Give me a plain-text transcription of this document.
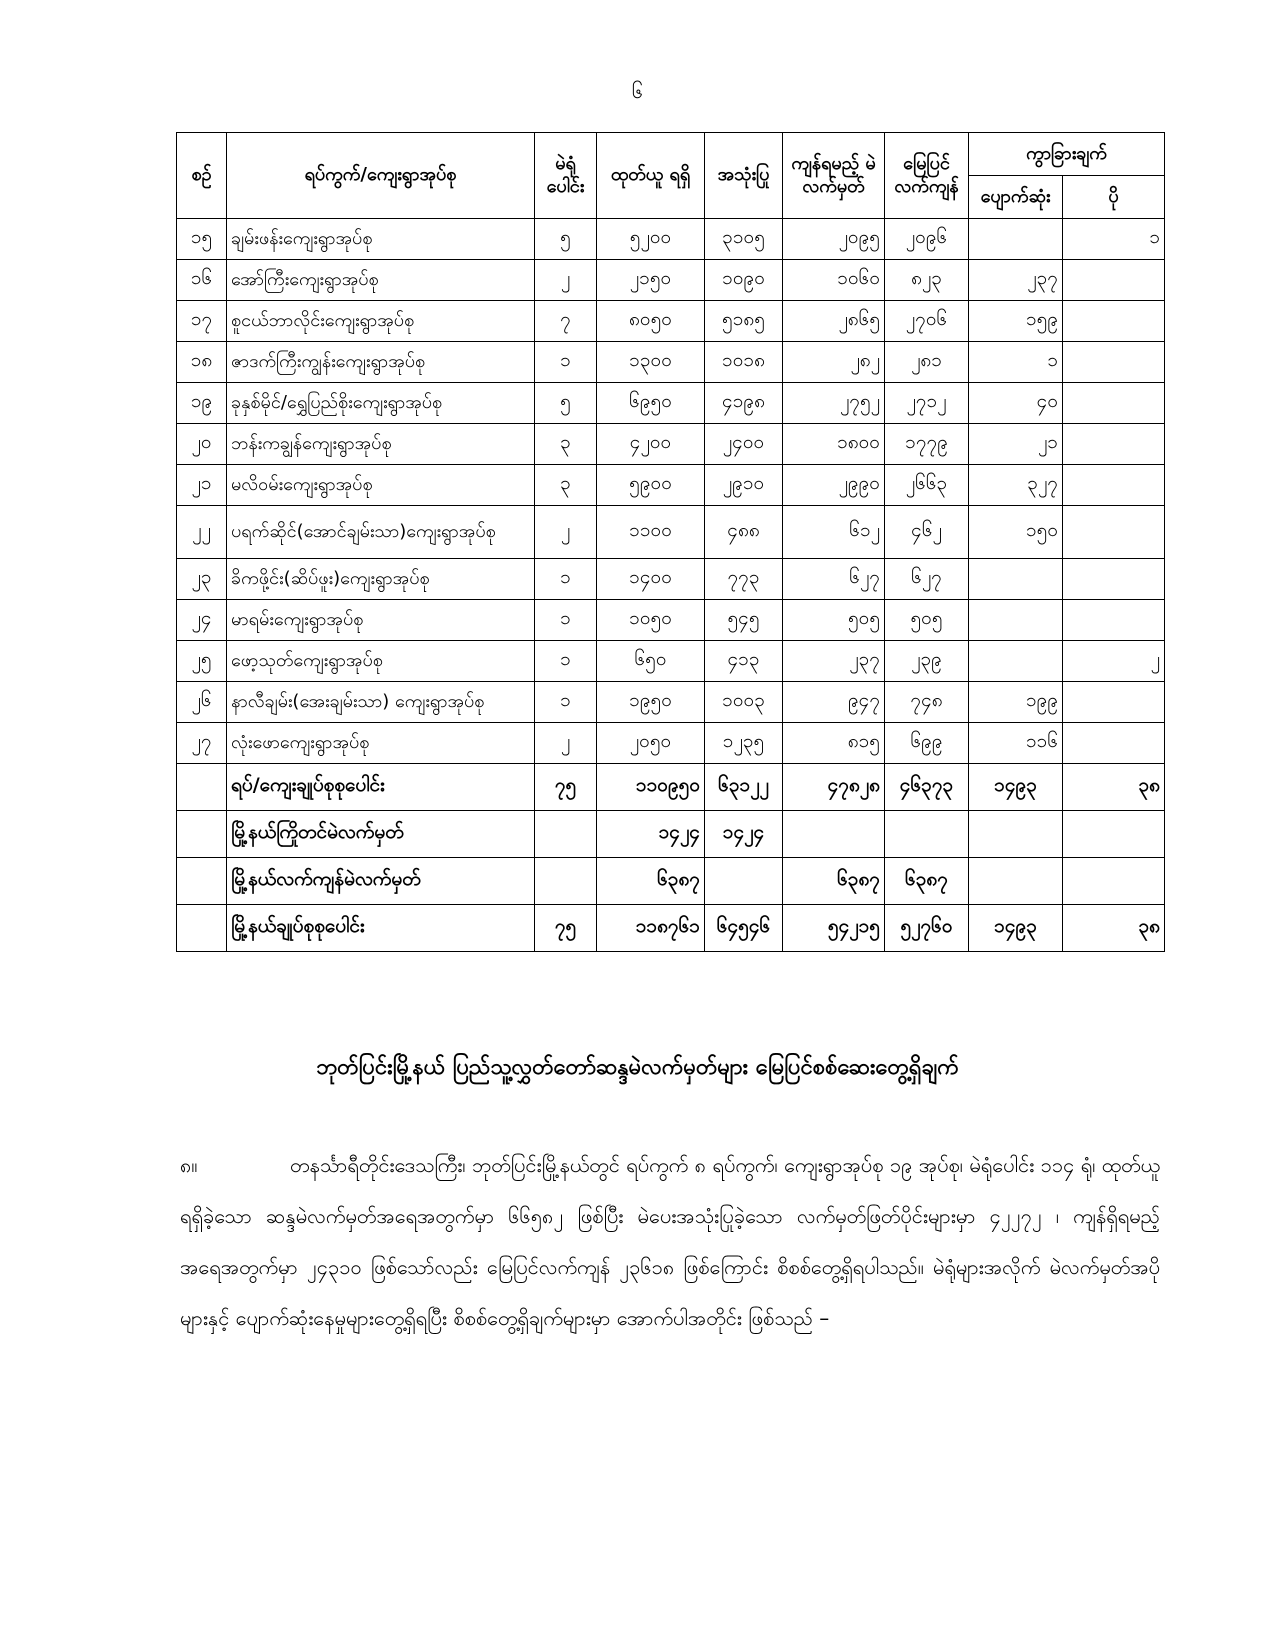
၆
စဉ်	ရပ်ကွက်/ကျေးရွာအုပ်စု	မဲရုံ ပေါင်း	ထုတ်ယူ ရရှိ	အသုံးပြု	ကျန်ရမည့် မဲလက်မှတ်	မြေပြင် လက်ကျန်	ကွာခြားချက်	
							ပျောက်ဆုံး	ပို
၁၅	ချမ်းဖန်းကျေးရွာအုပ်စု	၅	၅၂၀၀	၃၁၀၅	၂၀၉၅	၂၀၉၆		၁
၁၆	အော်ကြီးကျေးရွာအုပ်စု	၂	၂၁၅၀	၁၀၉၀	၁၀၆၀	၈၂၃	၂၃၇	
၁၇	စူငယ်ဘာလိုင်းကျေးရွာအုပ်စု	၇	၈၀၅၀	၅၁၈၅	၂၈၆၅	၂၇၀၆	၁၅၉	
၁၈	ဇာဒက်ကြီးကျွန်းကျေးရွာအုပ်စု	၁	၁၃၀၀	၁၀၁၈	၂၈၂	၂၈၁	၁	
၁၉	ခုနှစ်မိုင်/ရွှေပြည်စိုးကျေးရွာအုပ်စု	၅	၆၉၅၀	၄၁၉၈	၂၇၅၂	၂၇၁၂	၄၀	
၂၀	ဘန်းကချွန်ကျေးရွာအုပ်စု	၃	၄၂၀၀	၂၄၀၀	၁၈၀၀	၁၇၇၉	၂၁	
၂၁	မလိဝမ်းကျေးရွာအုပ်စု	၃	၅၉၀၀	၂၉၁၀	၂၉၉၀	၂၆၆၃	၃၂၇	
၂၂	ပရက်ဆိုင်(အောင်ချမ်းသာ)ကျေးရွာအုပ်စု	၂	၁၁၀၀	၄၈၈	၆၁၂	၄၆၂	၁၅၀	
၂၃	ခိကဖို့င်း(ဆိပ်ဖူး)ကျေးရွာအုပ်စု	၁	၁၄၀၀	၇၇၃	၆၂၇	၆၂၇		
၂၄	မာရမ်းကျေးရွာအုပ်စု	၁	၁၀၅၀	၅၄၅	၅၀၅	၅၀၅		
၂၅	ဖော့သုတ်ကျေးရွာအုပ်စု	၁	၆၅၀	၄၁၃	၂၃၇	၂၃၉		၂
၂၆	နာလီချမ်း(အေးချမ်းသာ) ကျေးရွာအုပ်စု	၁	၁၉၅၀	၁၀၀၃	၉၄၇	၇၄၈	၁၉၉	
၂၇	လုံးဖောကျေးရွာအုပ်စု	၂	၂၀၅၀	၁၂၃၅	၈၁၅	၆၉၉	၁၁၆	
	ရပ်/ကျေးချုပ်စုစုပေါင်း	၇၅	၁၁၀၉၅၀	၆၃၁၂၂	၄၇၈၂၈	၄၆၃၇၃	၁၄၉၃	၃၈
	မြို့နယ်ကြိုတင်မဲလက်မှတ်		၁၄၂၄	၁၄၂၄				
	မြို့နယ်လက်ကျန်မဲလက်မှတ်		၆၃၈၇		၆၃၈၇	၆၃၈၇		
	မြို့နယ်ချုပ်စုစုပေါင်း	၇၅	၁၁၈၇၆၁	၆၄၅၄၆	၅၄၂၁၅	၅၂၇၆၀	၁၄၉၃	၃၈
ဘုတ်ပြင်းမြို့နယ် ပြည်သူ့လွှတ်တော်ဆန္ဒမဲလက်မှတ်များ မြေပြင်စစ်ဆေးတွေ့ရှိချက်
၈။	တနင်္သာရီတိုင်းဒေသကြီး၊ ဘုတ်ပြင်းမြို့နယ်တွင် ရပ်ကွက် ၈ ရပ်ကွက်၊ ကျေးရွာအုပ်စု ၁၉ အုပ်စု၊ မဲရုံပေါင်း ၁၁၄ ရုံ၊ ထုတ်ယူရရှိခဲ့သော ဆန္ဒမဲလက်မှတ်အရေအတွက်မှာ ၆၆၅၈၂ ဖြစ်ပြီး မဲပေးအသုံးပြုခဲ့သော လက်မှတ်ဖြတ်ပိုင်းများမှာ ၄၂၂၇၂ ၊ ကျန်ရှိရမည့် အရေအတွက်မှာ ၂၄၃၁၀ ဖြစ်သော်လည်း မြေပြင်လက်ကျန် ၂၃၆၁၈ ဖြစ်ကြောင်း စိစစ်တွေ့ရှိရပါသည်။ မဲရုံများအလိုက် မဲလက်မှတ်အပိုများနှင့် ပျောက်ဆုံးနေမှုများတွေ့ရှိရပြီး စိစစ်တွေ့ရှိချက်များမှာ အောက်ပါအတိုင်း ဖြစ်သည် –
